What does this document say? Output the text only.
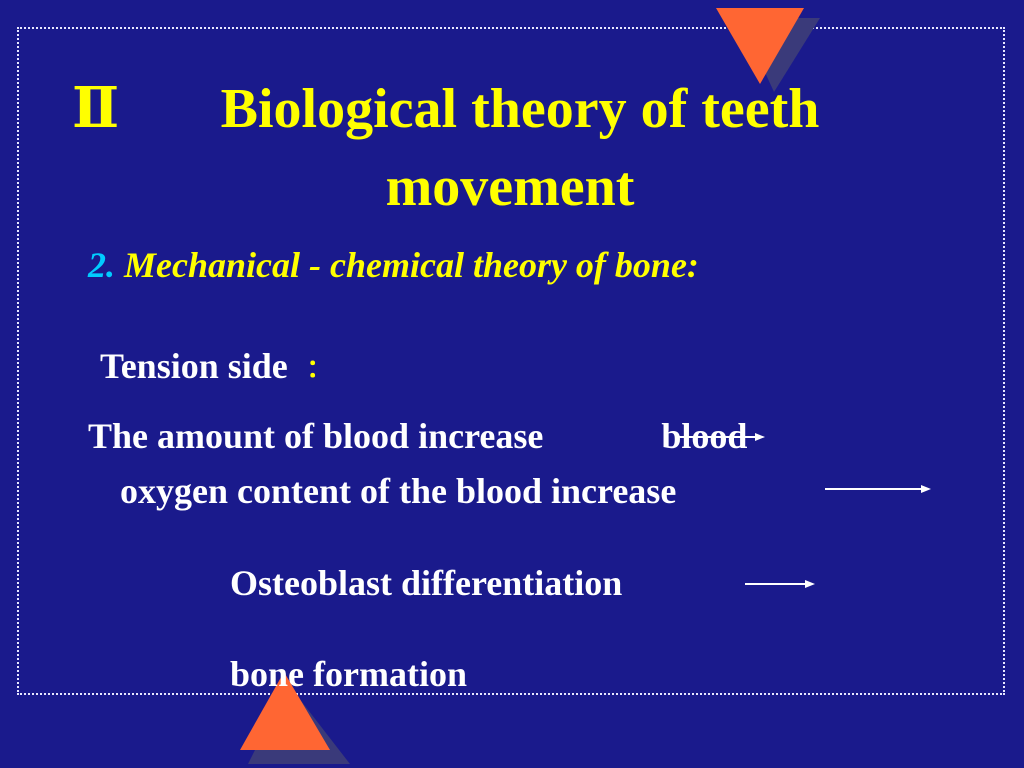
Ⅱ	Biological theory of teeth
movement
2. Mechanical - chemical theory of bone:
Tension side ：
The amount of blood increase	blood
oxygen content of the blood increase
Osteoblast differentiation
bone formation
